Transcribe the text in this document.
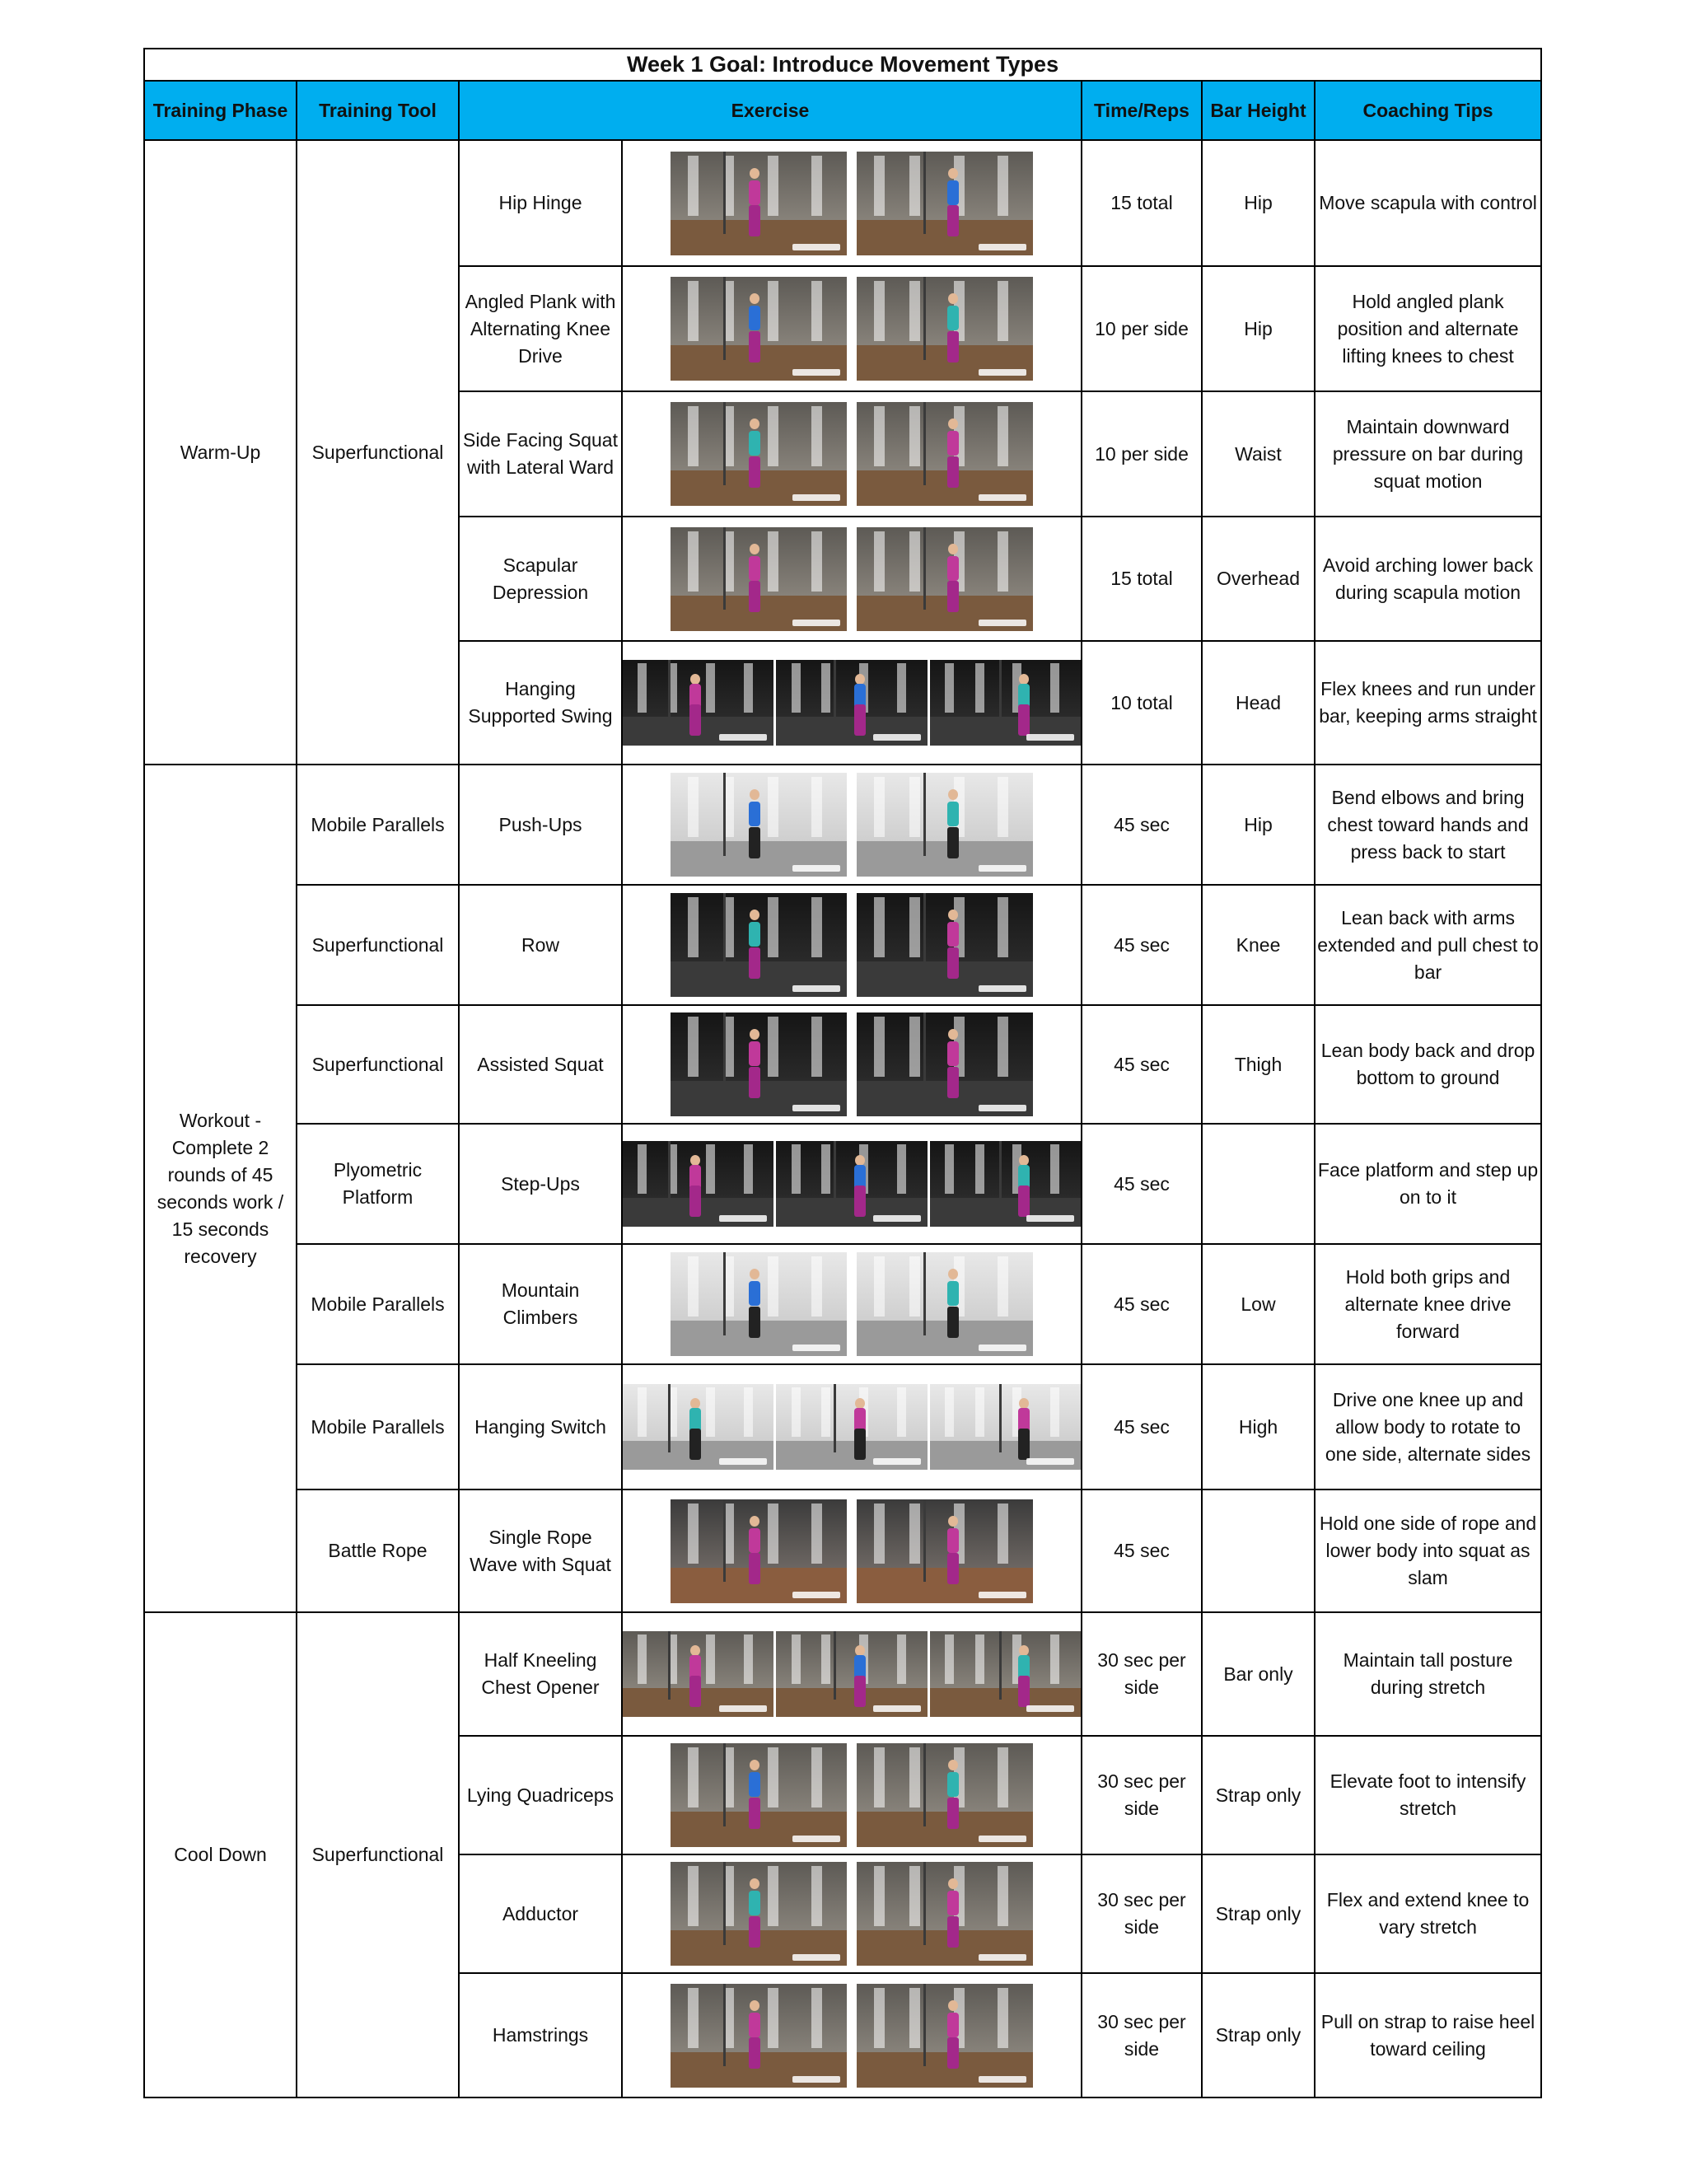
Week 1 Goal: Introduce Movement Types						
Training Phase	Training Tool	Exercise		Time/Reps	Bar Height	Coaching Tips
Warm-Up	Superfunctional	Hip Hinge		15 total	Hip	Move scapula with control
		Angled Plank with Alternating Knee Drive		10 per side	Hip	Hold angled plank position and alternate lifting knees to chest
		Side Facing Squat with Lateral Ward		10 per side	Waist	Maintain downward pressure on bar during squat motion
		Scapular Depression		15 total	Overhead	Avoid arching lower back during scapula motion
		Hanging Supported Swing		10 total	Head	Flex knees and run under bar, keeping arms straight
Workout - Complete 2 rounds of 45 seconds work / 15 seconds recovery	Mobile Parallels	Push-Ups		45 sec	Hip	Bend elbows and bring chest toward hands and press back to start
	Superfunctional	Row		45 sec	Knee	Lean back with arms extended and pull chest to bar
	Superfunctional	Assisted Squat		45 sec	Thigh	Lean body back and drop bottom to ground
	Plyometric Platform	Step-Ups		45 sec		Face platform and step up on to it
	Mobile Parallels	Mountain Climbers		45 sec	Low	Hold both grips and alternate knee drive forward
	Mobile Parallels	Hanging Switch		45 sec	High	Drive one knee up and allow body to rotate to one side, alternate sides
	Battle Rope	Single Rope Wave with Squat		45 sec		Hold one side of rope and lower body into squat as slam
Cool Down	Superfunctional	Half Kneeling Chest Opener		30 sec per side	Bar only	Maintain tall posture during stretch
		Lying Quadriceps		30 sec per side	Strap only	Elevate foot to intensify stretch
		Adductor		30 sec per side	Strap only	Flex and extend knee to vary stretch
		Hamstrings		30 sec per side	Strap only	Pull on strap to raise heel toward ceiling
